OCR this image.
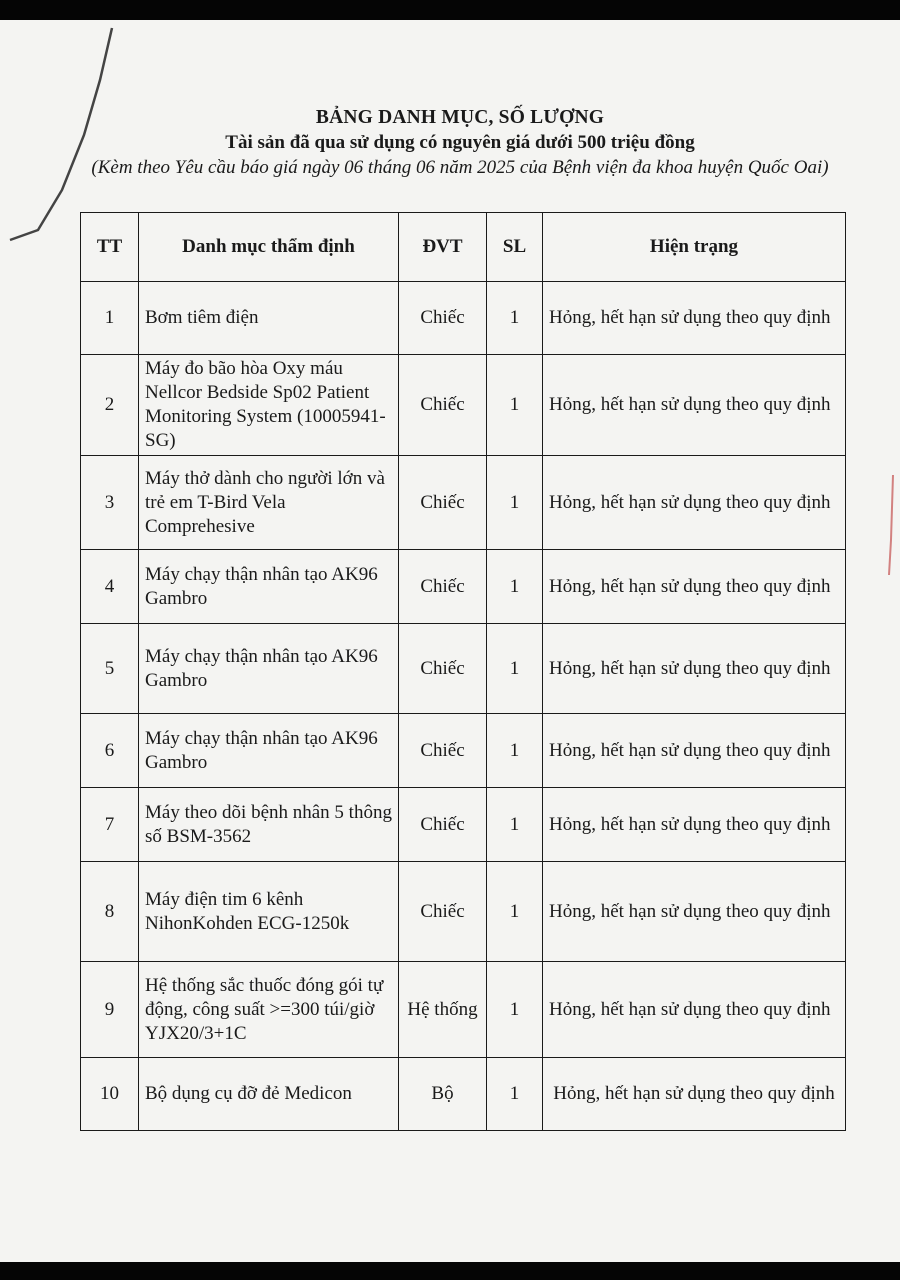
BẢNG DANH MỤC, SỐ LƯỢNG
Tài sản đã qua sử dụng có nguyên giá dưới 500 triệu đồng
(Kèm theo Yêu cầu báo giá ngày 06 tháng 06 năm 2025 của Bệnh viện đa khoa huyện Quốc Oai)
TT	Danh mục thẩm định	ĐVT	SL	Hiện trạng
1	Bơm tiêm điện	Chiếc	1	Hỏng, hết hạn sử dụng theo quy định
2	Máy đo bão hòa Oxy máu Nellcor Bedside Sp02 Patient Monitoring System (10005941-SG)	Chiếc	1	Hỏng, hết hạn sử dụng theo quy định
3	Máy thở dành cho người lớn và trẻ em T-Bird Vela Comprehesive	Chiếc	1	Hỏng, hết hạn sử dụng theo quy định
4	Máy chạy thận nhân tạo AK96 Gambro	Chiếc	1	Hỏng, hết hạn sử dụng theo quy định
5	Máy chạy thận nhân tạo AK96 Gambro	Chiếc	1	Hỏng, hết hạn sử dụng theo quy định
6	Máy chạy thận nhân tạo AK96 Gambro	Chiếc	1	Hỏng, hết hạn sử dụng theo quy định
7	Máy theo dõi bệnh nhân 5 thông số BSM-3562	Chiếc	1	Hỏng, hết hạn sử dụng theo quy định
8	Máy điện tim 6 kênh NihonKohden ECG-1250k	Chiếc	1	Hỏng, hết hạn sử dụng theo quy định
9	Hệ thống sắc thuốc đóng gói tự động, công suất >=300 túi/giờ YJX20/3+1C	Hệ thống	1	Hỏng, hết hạn sử dụng theo quy định
10	Bộ dụng cụ đỡ đẻ Medicon	Bộ	1	Hỏng, hết hạn sử dụng theo quy định
